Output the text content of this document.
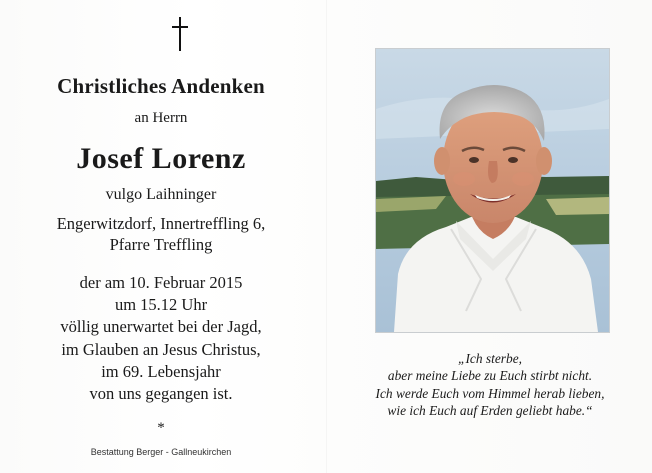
Christliches Andenken
an Herrn
Josef Lorenz
vulgo Laihninger
Engerwitzdorf, Innertreffling 6,
Pfarre Treffling
der am 10. Februar 2015
um 15.12 Uhr
völlig unerwartet bei der Jagd,
im Glauben an Jesus Christus,
im 69. Lebensjahr
von uns gegangen ist.
*
Bestattung Berger - Gallneukirchen
„Ich sterbe,
aber meine Liebe zu Euch stirbt nicht.
Ich werde Euch vom Himmel herab lieben,
wie ich Euch auf Erden geliebt habe.“
